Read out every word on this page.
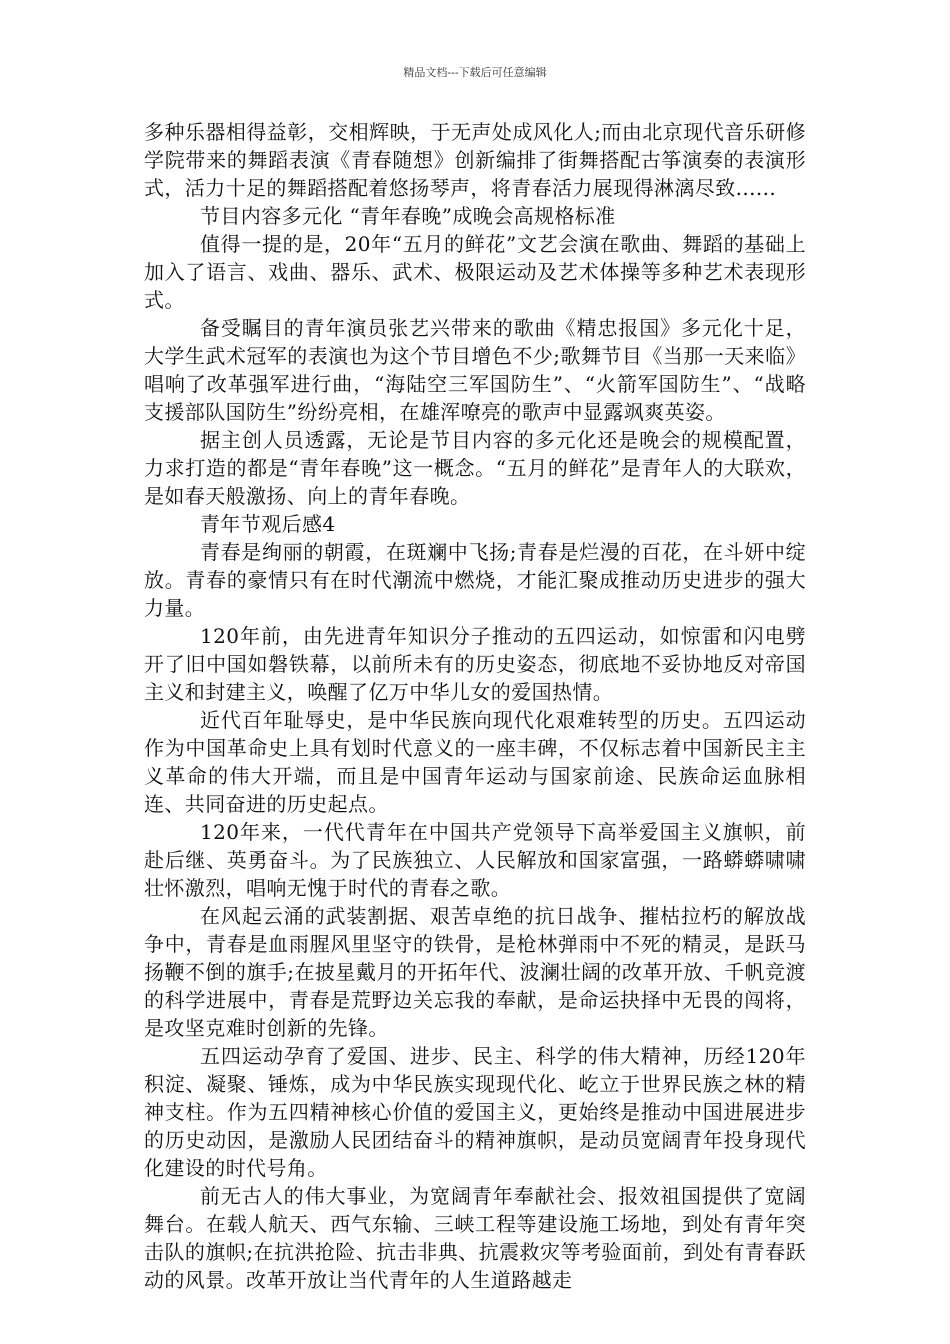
精品文档---下载后可任意编辑

多种乐器相得益彰，交相辉映，于无声处成风化人;而由北京现代音乐研修学院带来的舞蹈表演《青春随想》创新编排了街舞搭配古筝演奏的表演形式，活力十足的舞蹈搭配着悠扬琴声，将青春活力展现得淋漓尽致......

节目内容多元化 “青年春晚”成晚会高规格标准

值得一提的是，20年“五月的鲜花”文艺会演在歌曲、舞蹈的基础上加入了语言、戏曲、器乐、武术、极限运动及艺术体操等多种艺术表现形式。

备受瞩目的青年演员张艺兴带来的歌曲《精忠报国》多元化十足，大学生武术冠军的表演也为这个节目增色不少;歌舞节目《当那一天来临》唱响了改革强军进行曲，“海陆空三军国防生”、“火箭军国防生”、“战略支援部队国防生”纷纷亮相，在雄浑嘹亮的歌声中显露飒爽英姿。

据主创人员透露，无论是节目内容的多元化还是晚会的规模配置，力求打造的都是“青年春晚”这一概念。“五月的鲜花”是青年人的大联欢，是如春天般激扬、向上的青年春晚。

青年节观后感4

青春是绚丽的朝霞，在斑斓中飞扬;青春是烂漫的百花，在斗妍中绽放。青春的豪情只有在时代潮流中燃烧，才能汇聚成推动历史进步的强大力量。

120年前，由先进青年知识分子推动的五四运动，如惊雷和闪电劈开了旧中国如磐铁幕，以前所未有的历史姿态，彻底地不妥协地反对帝国主义和封建主义，唤醒了亿万中华儿女的爱国热情。

近代百年耻辱史，是中华民族向现代化艰难转型的历史。五四运动作为中国革命史上具有划时代意义的一座丰碑，不仅标志着中国新民主主义革命的伟大开端，而且是中国青年运动与国家前途、民族命运血脉相连、共同奋进的历史起点。

120年来，一代代青年在中国共产党领导下高举爱国主义旗帜，前赴后继、英勇奋斗。为了民族独立、人民解放和国家富强，一路蟒蟒啸啸壮怀激烈，唱响无愧于时代的青春之歌。

在风起云涌的武装割据、艰苦卓绝的抗日战争、摧枯拉朽的解放战争中，青春是血雨腥风里坚守的铁骨，是枪林弹雨中不死的精灵，是跃马扬鞭不倒的旗手;在披星戴月的开拓年代、波澜壮阔的改革开放、千帆竞渡的科学进展中，青春是荒野边关忘我的奉献，是命运抉择中无畏的闯将，是攻坚克难时创新的先锋。

五四运动孕育了爱国、进步、民主、科学的伟大精神，历经120年积淀、凝聚、锤炼，成为中华民族实现现代化、屹立于世界民族之林的精神支柱。作为五四精神核心价值的爱国主义，更始终是推动中国进展进步的历史动因，是激励人民团结奋斗的精神旗帜，是动员宽阔青年投身现代化建设的时代号角。

前无古人的伟大事业，为宽阔青年奉献社会、报效祖国提供了宽阔舞台。在载人航天、西气东输、三峡工程等建设施工场地，到处有青年突击队的旗帜;在抗洪抢险、抗击非典、抗震救灾等考验面前，到处有青春跃动的风景。改革开放让当代青年的人生道路越走
